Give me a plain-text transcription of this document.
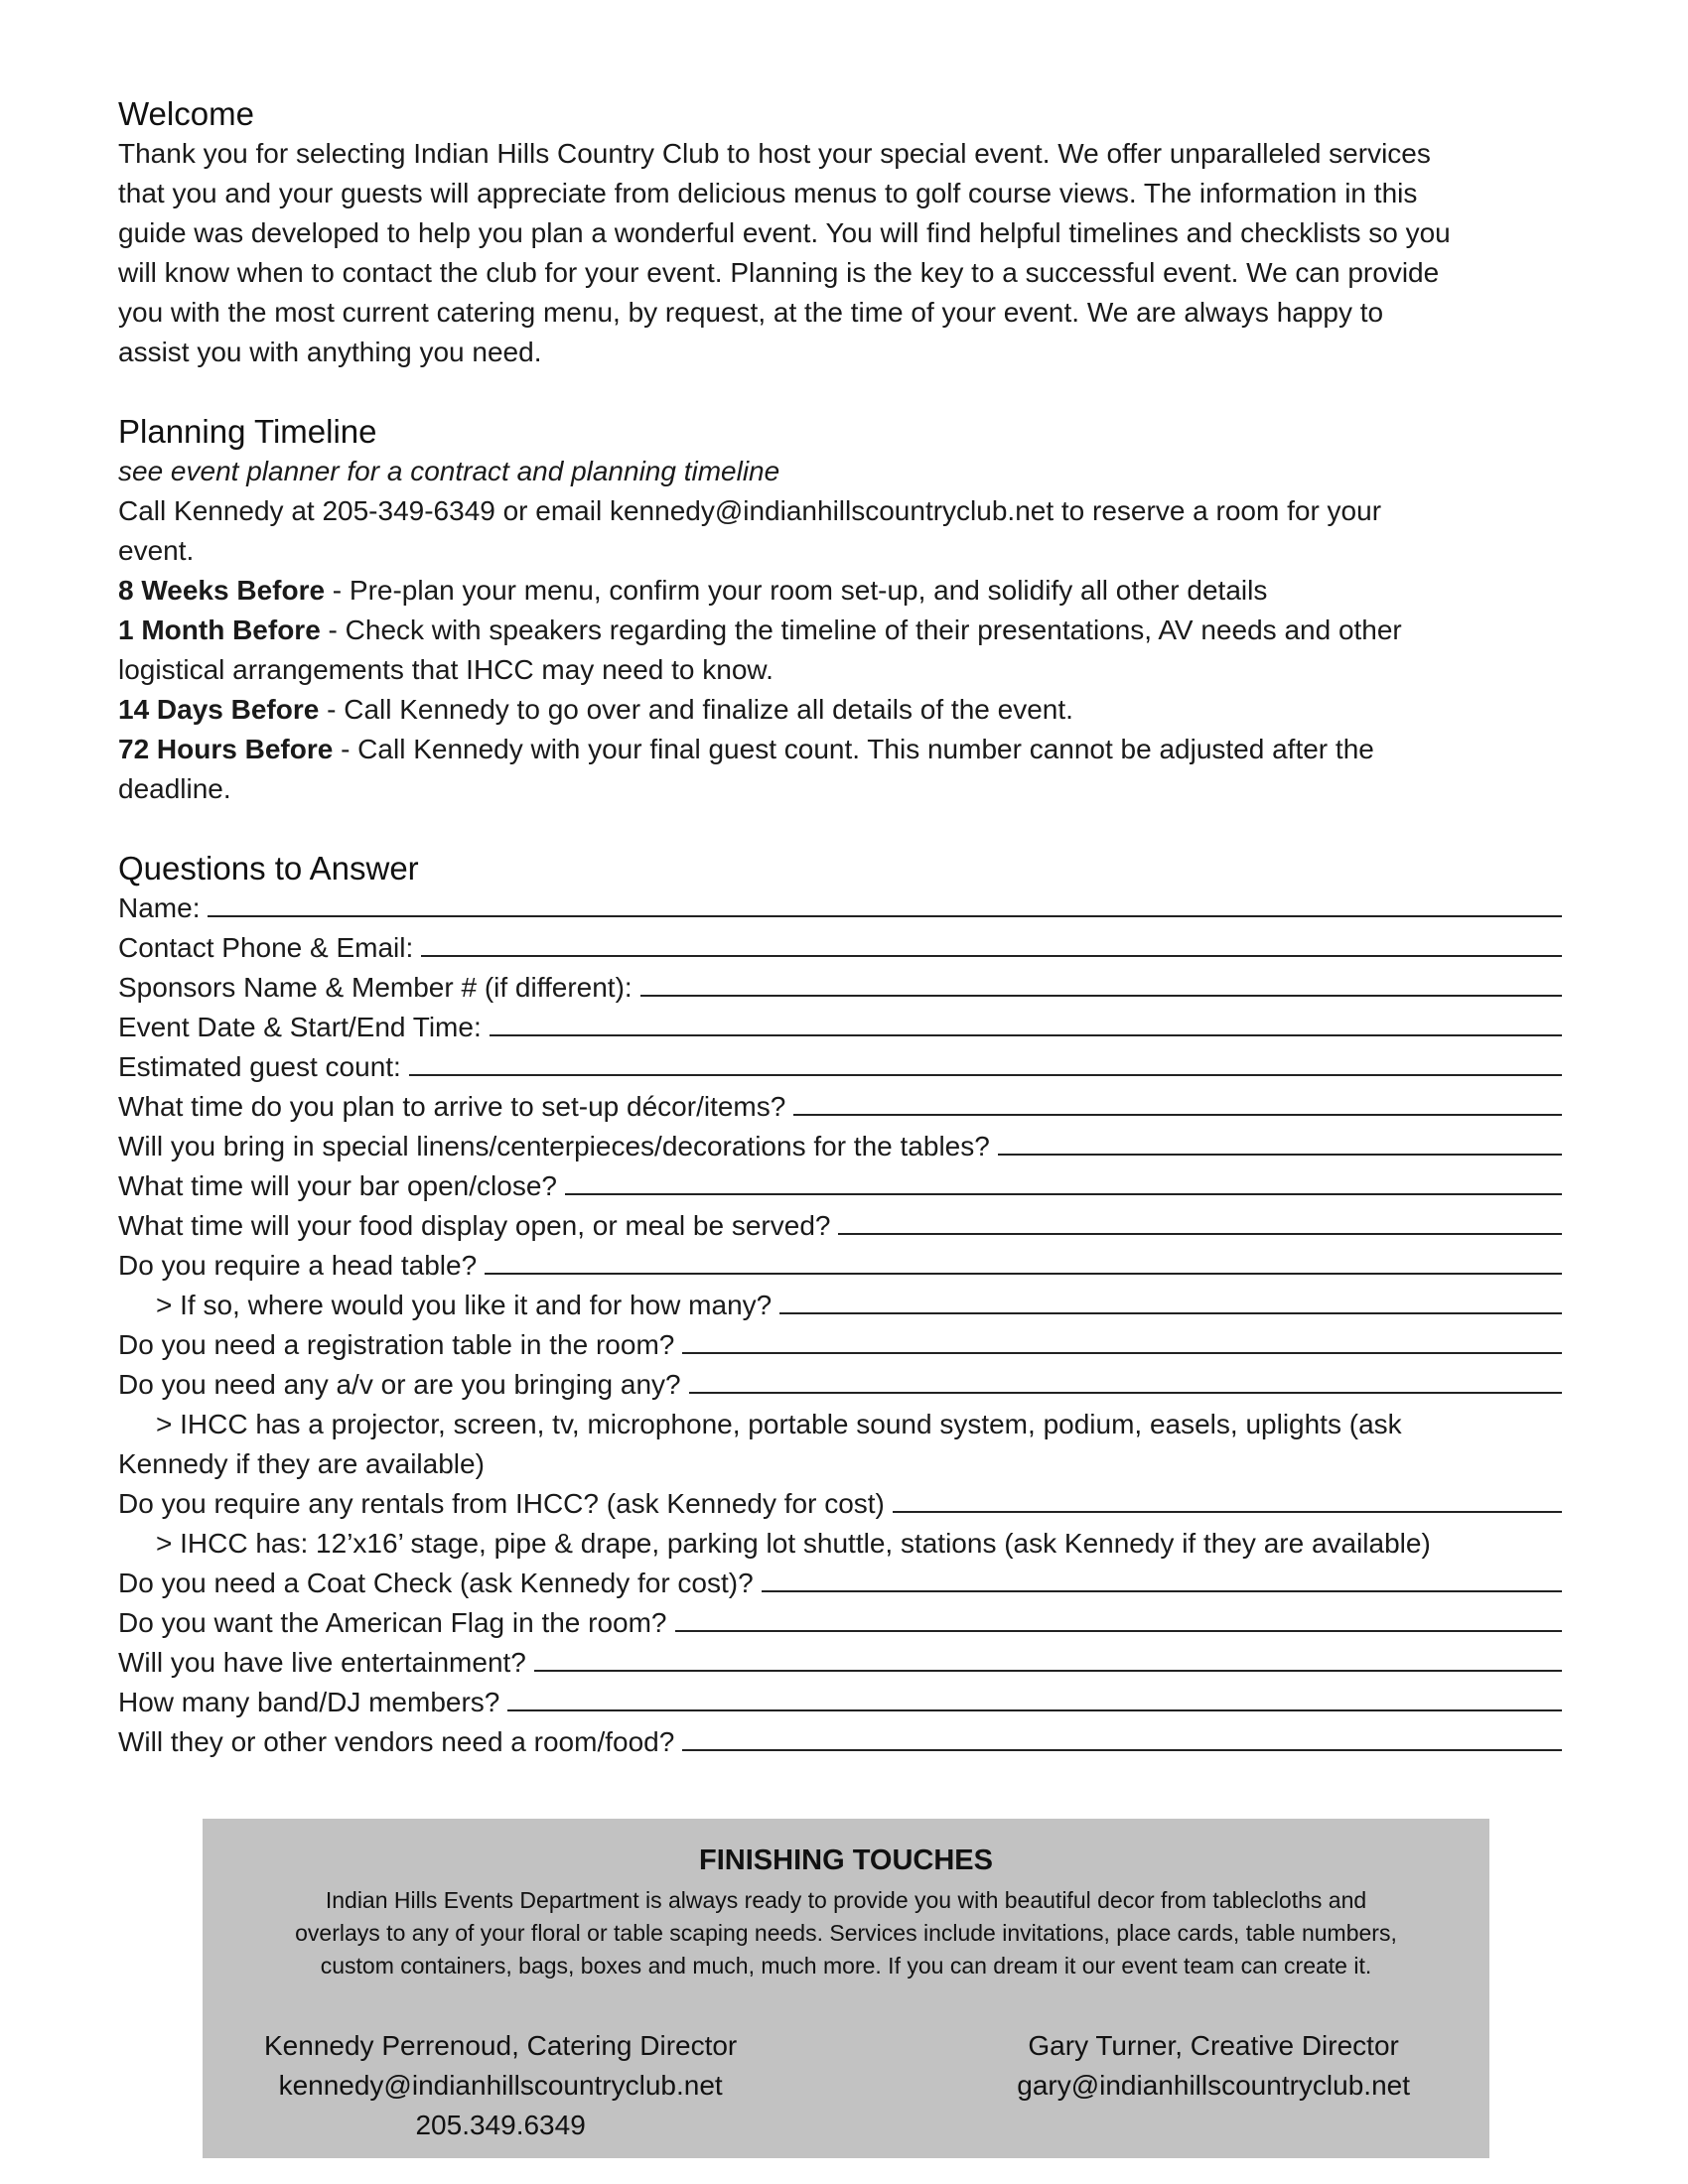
Welcome

Thank you for selecting Indian Hills Country Club to host your special event. We offer unparalleled services

that you and your guests will appreciate from delicious menus to golf course views. The information in this

guide was developed to help you plan a wonderful event. You will find helpful timelines and checklists so you

will know when to contact the club for your event. Planning is the key to a successful event. We can provide

you with the most current catering menu, by request, at the time of your event. We are always happy to

assist you with anything you need.

Planning Timeline

see event planner for a contract and planning timeline

Call Kennedy at 205-349-6349 or email kennedy@indianhillscountryclub.net to reserve a room for your

event.

8 Weeks Before - Pre-plan your menu, confirm your room set-up, and solidify all other details

1 Month Before - Check with speakers regarding the timeline of their presentations, AV needs and other

logistical arrangements that IHCC may need to know.

14 Days Before - Call Kennedy to go over and finalize all details of the event.

72 Hours Before - Call Kennedy with your final guest count. This number cannot be adjusted after the

deadline.

Questions to Answer
Name:
Contact Phone & Email:
Sponsors Name & Member # (if different):
Event Date & Start/End Time:
Estimated guest count:
What time do you plan to arrive to set-up décor/items?
Will you bring in special linens/centerpieces/decorations for the tables?
What time will your bar open/close?
What time will your food display open, or meal be served?
Do you require a head table?
> If so, where would you like it and for how many?
Do you need a registration table in the room?
Do you need any a/v or are you bringing any?

> IHCC has a projector, screen, tv, microphone, portable sound system, podium, easels, uplights (ask

Kennedy if they are available)

Do you require any rentals from IHCC? (ask Kennedy for cost)

> IHCC has: 12’x16’ stage, pipe & drape, parking lot shuttle, stations (ask Kennedy if they are available)

Do you need a Coat Check (ask Kennedy for cost)?
Do you want the American Flag in the room?
Will you have live entertainment?
How many band/DJ members?
Will they or other vendors need a room/food?
FINISHING TOUCHES
Indian Hills Events Department is always ready to provide you with beautiful decor from tablecloths and
overlays to any of your floral or table scaping needs. Services include invitations, place cards, table numbers,
custom containers, bags, boxes and much, much more. If you can dream it our event team can create it.
Kennedy Perrenoud, Catering Director
kennedy@indianhillscountryclub.net
205.349.6349
Gary Turner, Creative Director
gary@indianhillscountryclub.net
